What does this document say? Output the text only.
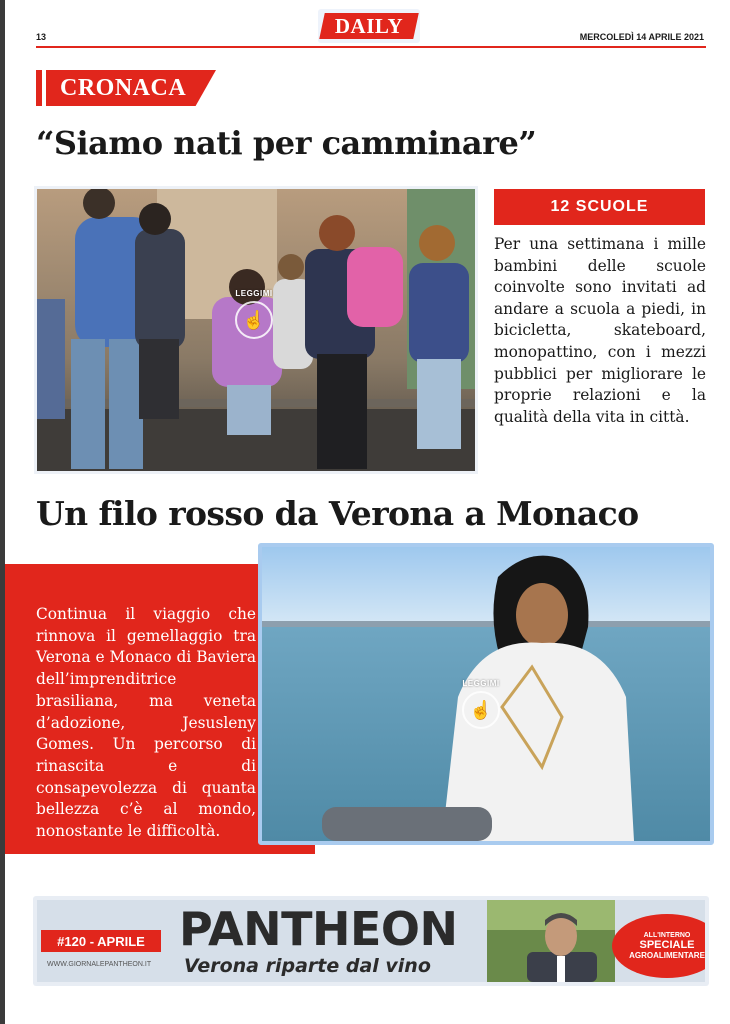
DAILY
13	MERCOLEDÌ 14 APRILE 2021
CRONACA
“Siamo nati per camminare”
LEGGIMI
☝
12 SCUOLE

Per una settimana i mille bambini delle scuole coinvolte sono invitati ad andare a scuola a piedi, in bicicletta, skateboard, monopattino, con i mezzi pubblici per migliorare le proprie relazioni e la qualità della vita in città.

Un filo rosso da Verona a Monaco

Continua il viaggio che rinnova il gemellaggio tra Verona e Monaco di Baviera dell’imprenditrice brasiliana, ma veneta d’adozione, Jesusleny Gomes. Un percorso di rinascita e di consapevolezza di quanta bellezza c’è al mondo, nonostante le difficoltà.

LEGGIMI
☝
#120 - APRILE
WWW.GIORNALEPANTHEON.IT
PANTHEON
Verona riparte dal vino
ALL'INTERNO
SPECIALE
AGROALIMENTARE
